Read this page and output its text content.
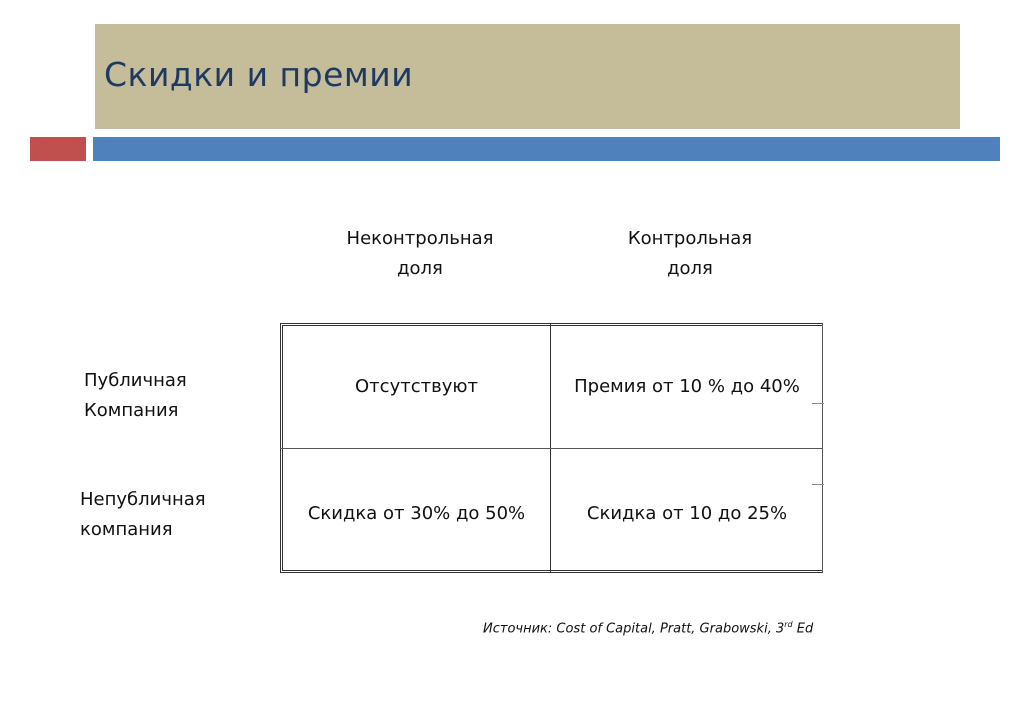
Скидки и премии
Неконтрольная
доля
Контрольная
доля
Публичная
Компания
Непубличная
компания
Отсутствуют	Премия от 10 % до 40%
Скидка от 30% до 50%	Скидка от 10 до 25%
Источник: Cost of Capital, Pratt, Grabowski, 3rd Ed
